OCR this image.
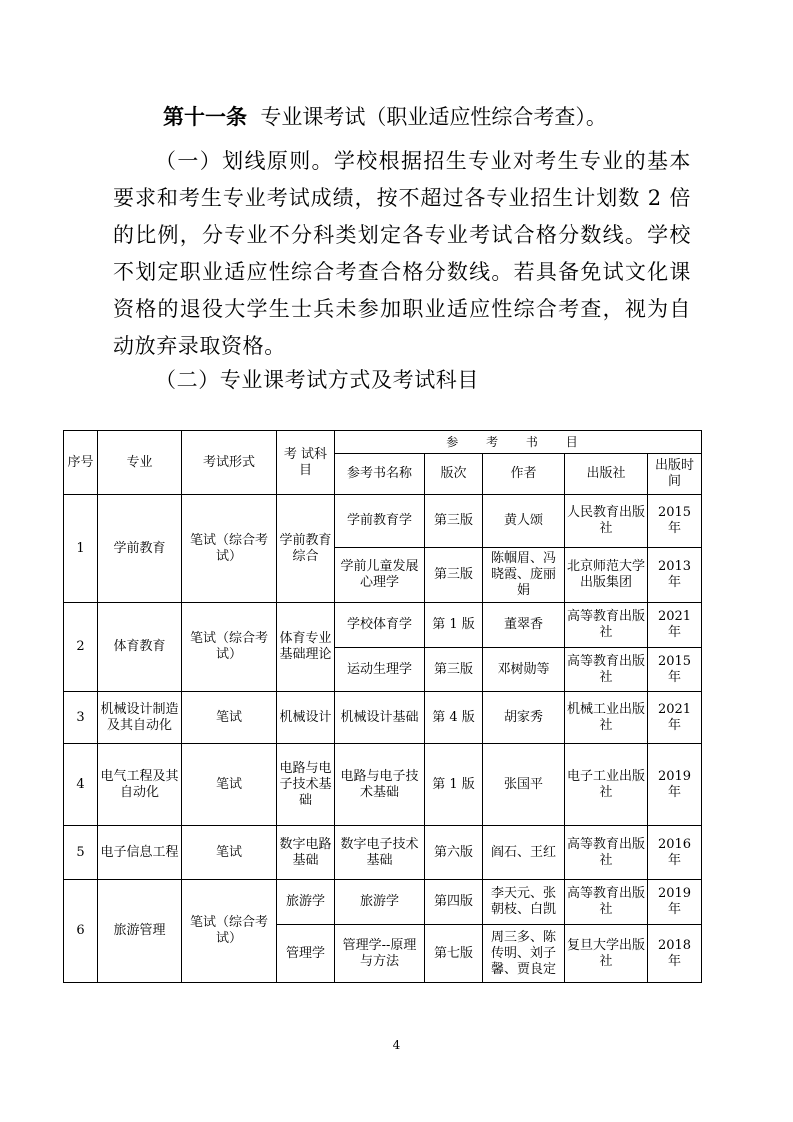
第十一条 专业课考试（职业适应性综合考查）。
（一）划线原则。学校根据招生专业对考生专业的基本要求和考生专业考试成绩，按不超过各专业招生计划数 2 倍的比例，分专业不分科类划定各专业考试合格分数线。学校不划定职业适应性综合考查合格分数线。若具备免试文化课资格的退役大学生士兵未参加职业适应性综合考查，视为自动放弃录取资格。
（二）专业课考试方式及考试科目
序号	专业	考试形式	考 试科 目	参 考 书 目				
				参考书名称	版次	作者	出版社	出版时间
1	学前教育	笔试（综合考试）	学前教育综合	学前教育学	第三版	黄人颂	人民教育出版社	2015 年
				学前儿童发展心理学	第三版	陈帼眉、冯晓霞、庞丽娟	北京师范大学出版集团	2013 年
2	体育教育	笔试（综合考试）	体育专业基础理论	学校体育学	第 1 版	董翠香	高等教育出版社	2021 年
				运动生理学	第三版	邓树勋等	高等教育出版社	2015 年
3	机械设计制造及其自动化	笔试	机械设计	机械设计基础	第 4 版	胡家秀	机械工业出版社	2021 年
4	电气工程及其自动化	笔试	电路与电子技术基础	电路与电子技术基础	第 1 版	张国平	电子工业出版社	2019 年
5	电子信息工程	笔试	数字电路基础	数字电子技术基础	第六版	阎石、王红	高等教育出版社	2016 年
6	旅游管理	笔试（综合考试）	旅游学	旅游学	第四版	李天元、张朝枝、白凯	高等教育出版社	2019 年
			管理学	管理学--原理与方法	第七版	周三多、陈传明、刘子馨、贾良定	复旦大学出版社	2018 年
4
